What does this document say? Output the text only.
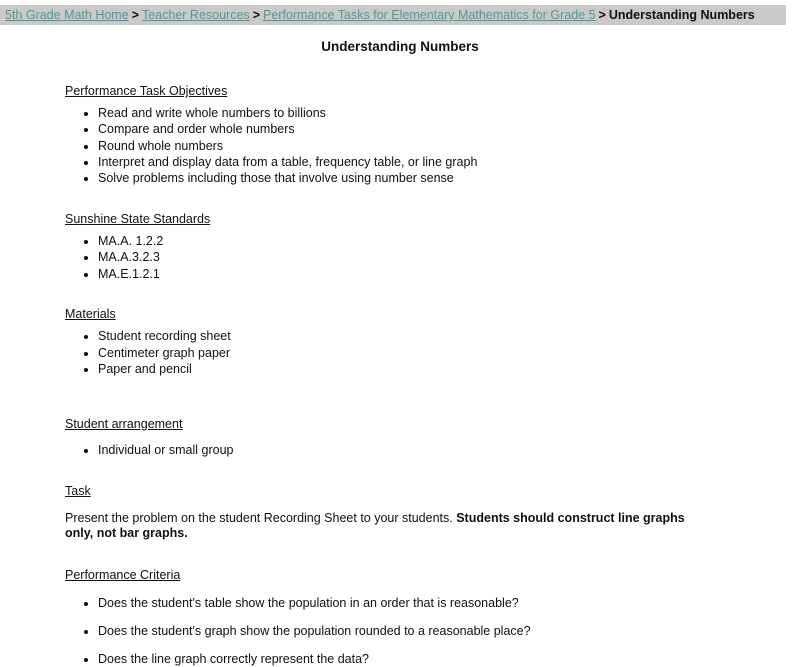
5th Grade Math Home > Teacher Resources > Performance Tasks for Elementary Mathematics for Grade 5 > Understanding Numbers
Understanding Numbers
Performance Task Objectives
• Read and write whole numbers to billions
• Compare and order whole numbers
• Round whole numbers
• Interpret and display data from a table, frequency table, or line graph
• Solve problems including those that involve using number sense
Sunshine State Standards
• MA.A. 1.2.2
• MA.A.3.2.3
• MA.E.1.2.1
Materials
• Student recording sheet
• Centimeter graph paper
• Paper and pencil
Student arrangement
• Individual or small group
Task

Present the problem on the student Recording Sheet to your students. Students should construct line graphs only, not bar graphs.

Performance Criteria
• Does the student's table show the population in an order that is reasonable?
• Does the student's graph show the population rounded to a reasonable place?
• Does the line graph correctly represent the data?
